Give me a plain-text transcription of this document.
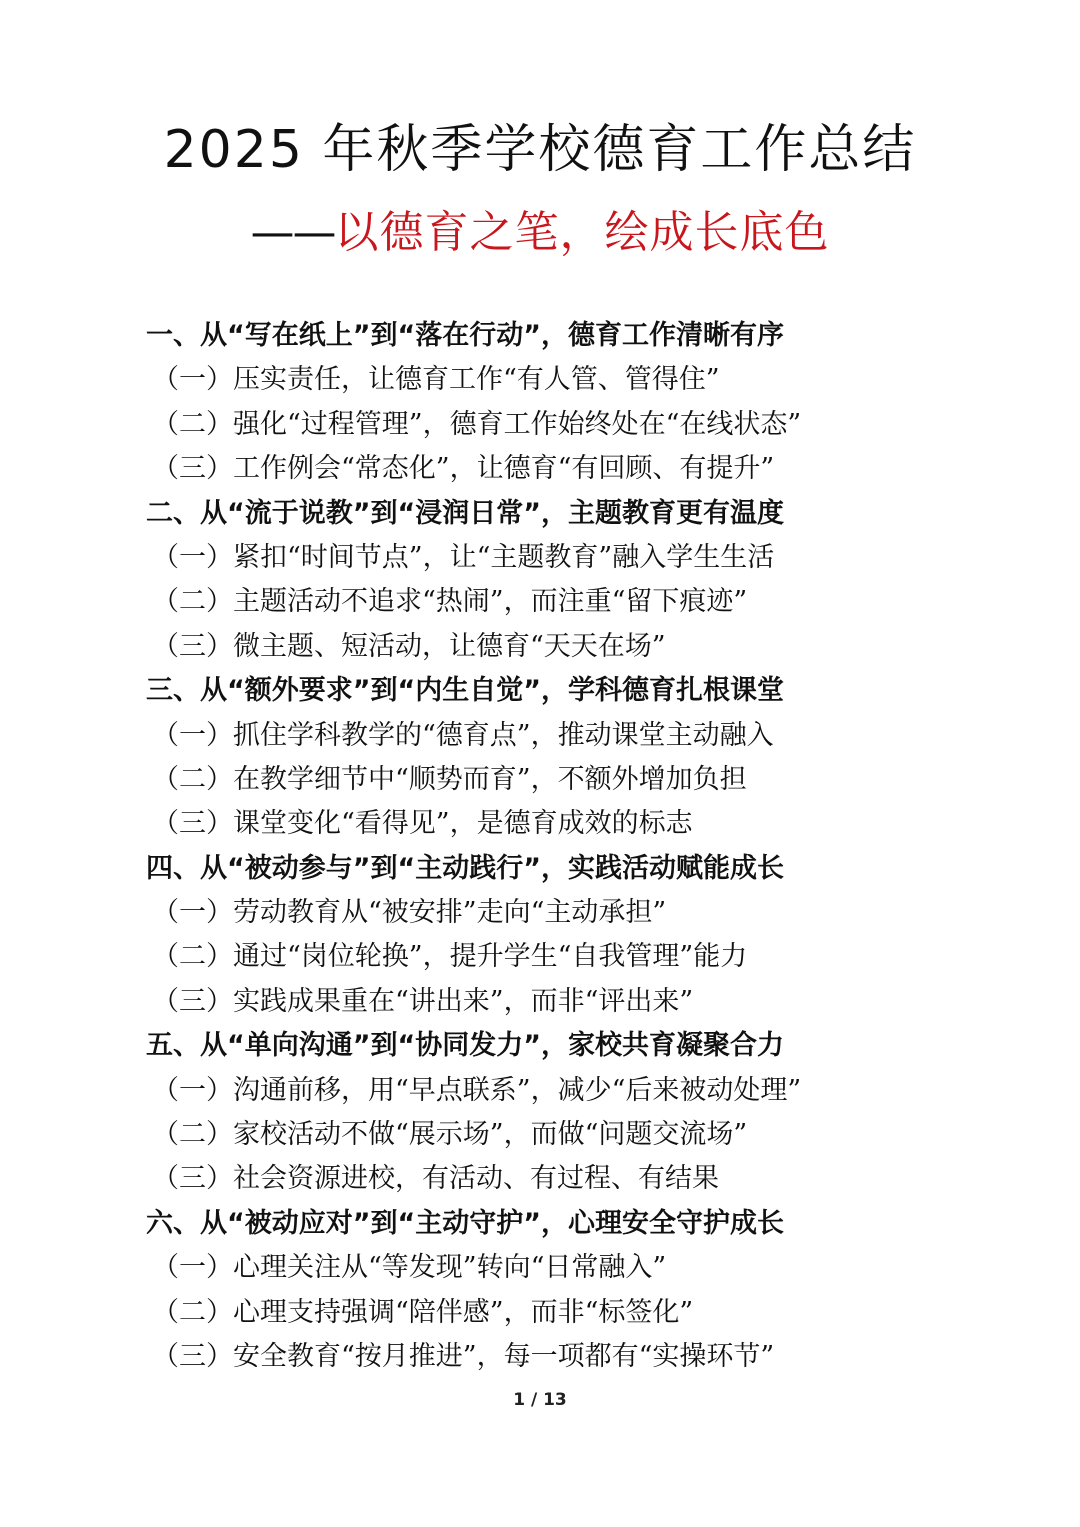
2025 年秋季学校德育工作总结
——以德育之笔，绘成长底色
一、从“写在纸上”到“落在行动”，德育工作清晰有序
（一）压实责任，让德育工作“有人管、管得住”
（二）强化“过程管理”，德育工作始终处在“在线状态”
（三）工作例会“常态化”，让德育“有回顾、有提升”
二、从“流于说教”到“浸润日常”，主题教育更有温度
（一）紧扣“时间节点”，让“主题教育”融入学生生活
（二）主题活动不追求“热闹”，而注重“留下痕迹”
（三）微主题、短活动，让德育“天天在场”
三、从“额外要求”到“内生自觉”，学科德育扎根课堂
（一）抓住学科教学的“德育点”，推动课堂主动融入
（二）在教学细节中“顺势而育”，不额外增加负担
（三）课堂变化“看得见”，是德育成效的标志
四、从“被动参与”到“主动践行”，实践活动赋能成长
（一）劳动教育从“被安排”走向“主动承担”
（二）通过“岗位轮换”，提升学生“自我管理”能力
（三）实践成果重在“讲出来”，而非“评出来”
五、从“单向沟通”到“协同发力”，家校共育凝聚合力
（一）沟通前移，用“早点联系”，减少“后来被动处理”
（二）家校活动不做“展示场”，而做“问题交流场”
（三）社会资源进校，有活动、有过程、有结果
六、从“被动应对”到“主动守护”，心理安全守护成长
（一）心理关注从“等发现”转向“日常融入”
（二）心理支持强调“陪伴感”，而非“标签化”
（三）安全教育“按月推进”，每一项都有“实操环节”
1 / 13
